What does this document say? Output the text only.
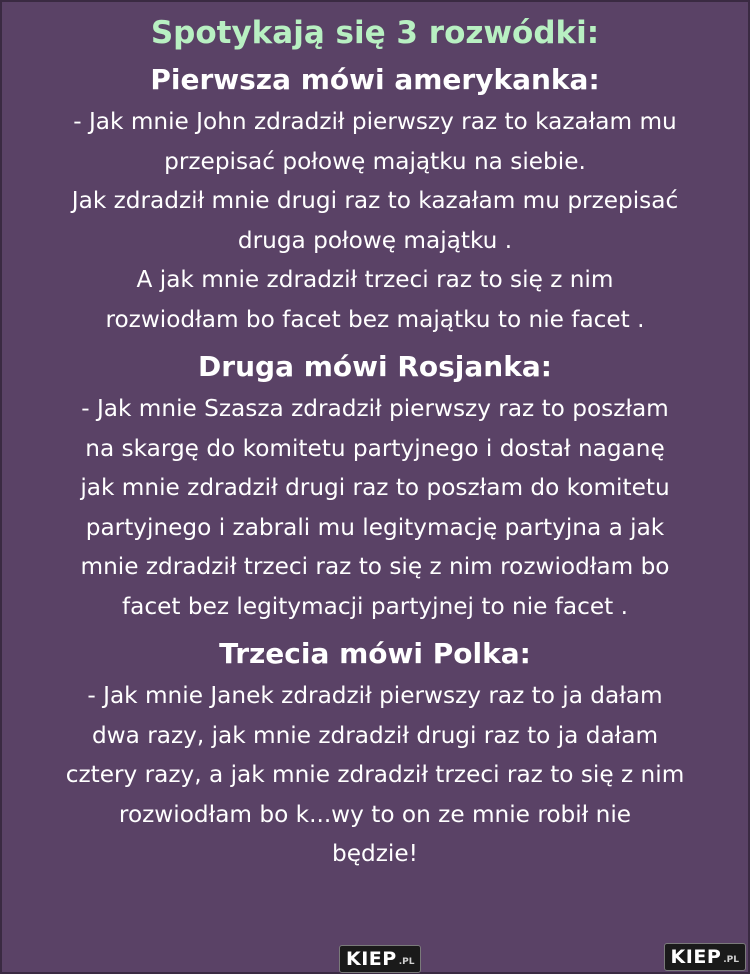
Spotykają się 3 rozwódki:
Pierwsza mówi amerykanka:

- Jak mnie John zdradził pierwszy raz to kazałam mu
przepisać połowę majątku na siebie.
Jak zdradził mnie drugi raz to kazałam mu przepisać
druga połowę majątku .
A jak mnie zdradził trzeci raz to się z nim
rozwiodłam bo facet bez majątku to nie facet .

Druga mówi Rosjanka:

- Jak mnie Szasza zdradził pierwszy raz to poszłam
na skargę do komitetu partyjnego i dostał naganę
jak mnie zdradził drugi raz to poszłam do komitetu
partyjnego i zabrali mu legitymację partyjna a jak
mnie zdradził trzeci raz to się z nim rozwiodłam bo
facet bez legitymacji partyjnej to nie facet .

Trzecia mówi Polka:

- Jak mnie Janek zdradził pierwszy raz to ja dałam
dwa razy, jak mnie zdradził drugi raz to ja dałam
cztery razy, a jak mnie zdradził trzeci raz to się z nim
rozwiodłam bo k...wy to on ze mnie robił nie
będzie!

KIEP .PL	KIEP .PL
